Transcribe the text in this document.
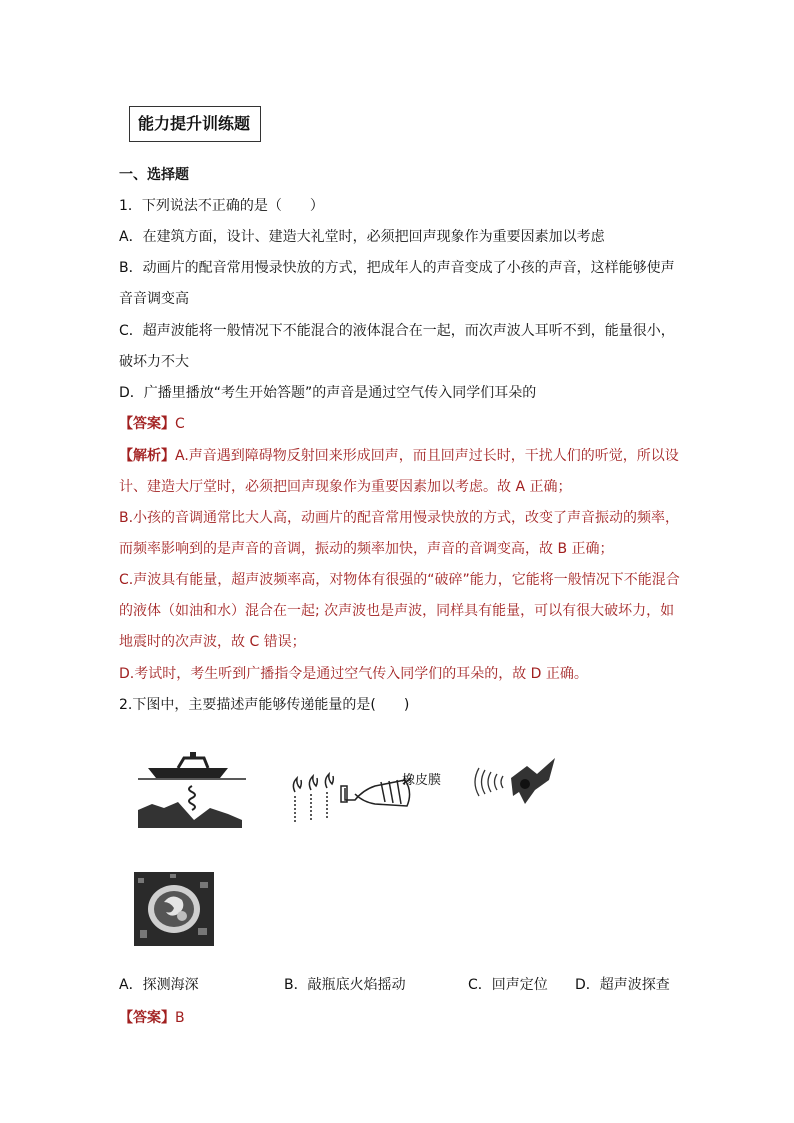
能力提升训练题
一、选择题
1．下列说法不正确的是（　　）
A．在建筑方面，设计、建造大礼堂时，必须把回声现象作为重要因素加以考虑
B．动画片的配音常用慢录快放的方式，把成年人的声音变成了小孩的声音，这样能够使声
音音调变高
C．超声波能将一般情况下不能混合的液体混合在一起，而次声波人耳听不到，能量很小，
破坏力不大
D．广播里播放“考生开始答题”的声音是通过空气传入同学们耳朵的
【答案】C
【解析】A.声音遇到障碍物反射回来形成回声，而且回声过长时，干扰人们的听觉，所以设
计、建造大厅堂时，必须把回声现象作为重要因素加以考虑。故 A 正确；
B.小孩的音调通常比大人高，动画片的配音常用慢录快放的方式，改变了声音振动的频率，
而频率影响到的是声音的音调，振动的频率加快，声音的音调变高，故 B 正确；
C.声波具有能量，超声波频率高，对物体有很强的“破碎”能力，它能将一般情况下不能混合
的液体（如油和水）混合在一起; 次声波也是声波，同样具有能量，可以有很大破坏力，如
地震时的次声波，故 C 错误；
D.考试时，考生听到广播指令是通过空气传入同学们的耳朵的，故 D 正确。
2.下图中，主要描述声能够传递能量的是(　　)
橡皮膜
A．探测海深	B．敲瓶底火焰摇动	C．回声定位 D．超声波探查
【答案】B
